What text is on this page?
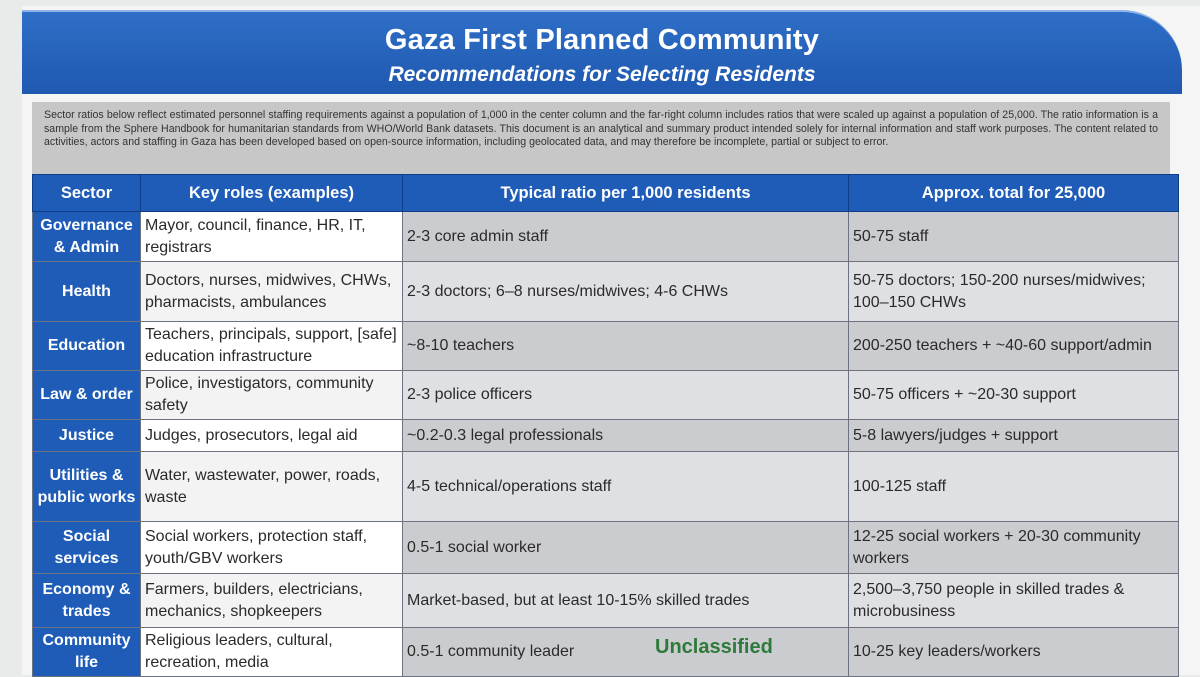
Gaza First Planned Community
Recommendations for Selecting Residents
Sector ratios below reflect estimated personnel staffing requirements against a population of 1,000 in the center column and the far-right column includes ratios that were scaled up against a population of 25,000. The ratio information is a sample from the Sphere Handbook for humanitarian standards from WHO/World Bank datasets. This document is an analytical and summary product intended solely for internal information and staff work purposes. The content related to activities, actors and staffing in Gaza has been developed based on open-source information, including geolocated data, and may therefore be incomplete, partial or subject to error.
Sector	Key roles (examples)	Typical ratio per 1,000 residents	Approx. total for 25,000
Governance & Admin	Mayor, council, finance, HR, IT, registrars	2-3 core admin staff	50-75 staff
Health	Doctors, nurses, midwives, CHWs, pharmacists, ambulances	2-3 doctors; 6–8 nurses/midwives; 4-6 CHWs	50-75 doctors; 150-200 nurses/midwives; 100–150 CHWs
Education	Teachers, principals, support, [safe] education infrastructure	~8-10 teachers	200-250 teachers + ~40-60 support/admin
Law & order	Police, investigators, community safety	2-3 police officers	50-75 officers + ~20-30 support
Justice	Judges, prosecutors, legal aid	~0.2-0.3 legal professionals	5-8 lawyers/judges + support
Utilities & public works	Water, wastewater, power, roads, waste	4-5 technical/operations staff	100-125 staff
Social services	Social workers, protection staff, youth/GBV workers	0.5-1 social worker	12-25 social workers + 20-30 community workers
Economy & trades	Farmers, builders, electricians, mechanics, shopkeepers	Market-based, but at least 10-15% skilled trades	2,500–3,750 people in skilled trades & microbusiness
Community life	Religious leaders, cultural, recreation, media	0.5-1 community leader	10-25 key leaders/workers
Unclassified
